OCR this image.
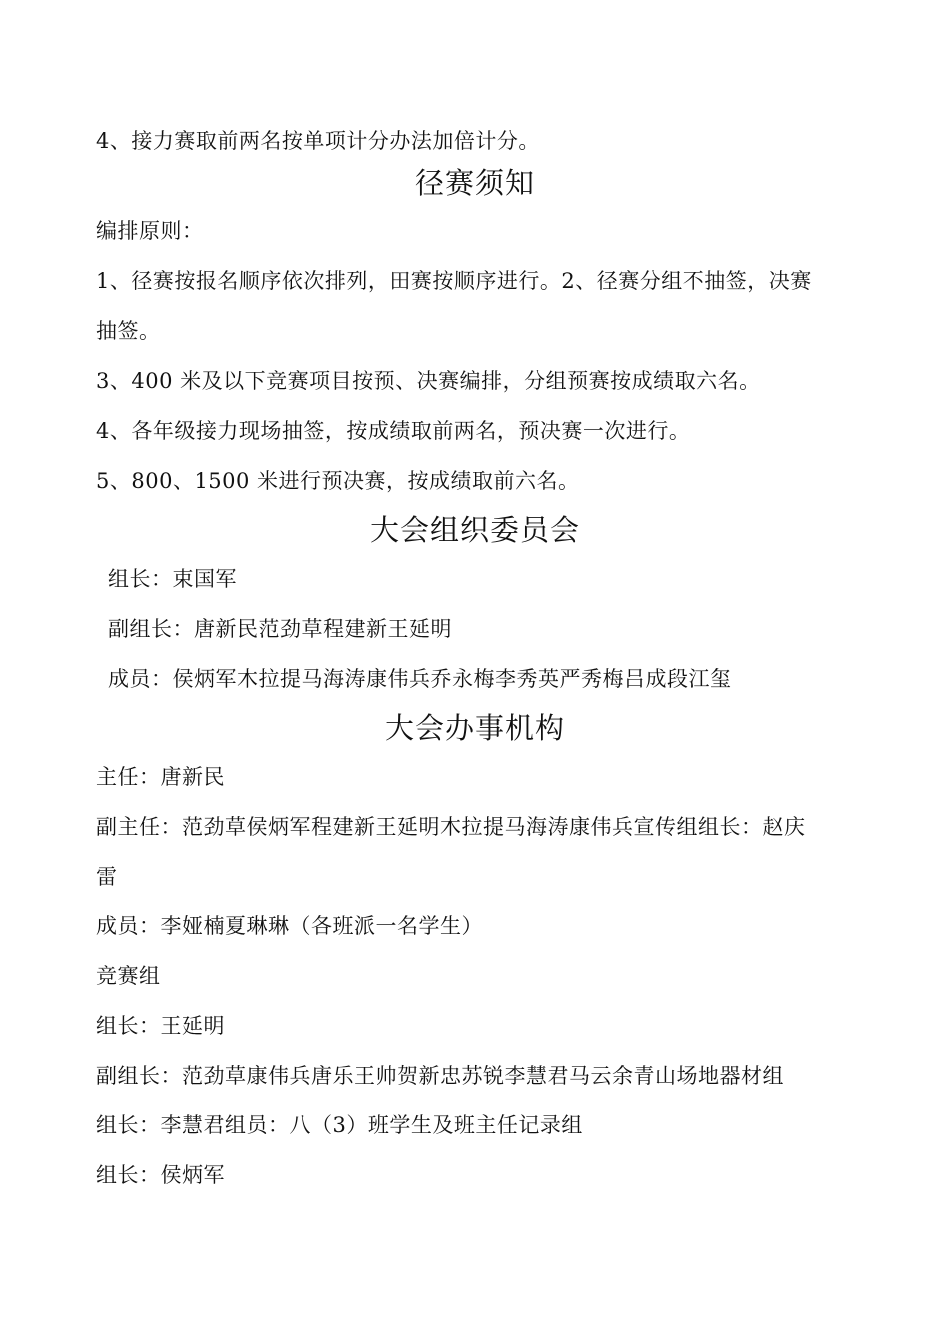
4、接力赛取前两名按单项计分办法加倍计分。
径赛须知
编排原则：
1、径赛按报名顺序依次排列，田赛按顺序进行。2、径赛分组不抽签，决赛
抽签。
3、400 米及以下竞赛项目按预、决赛编排，分组预赛按成绩取六名。
4、各年级接力现场抽签，按成绩取前两名，预决赛一次进行。
5、800、1500 米进行预决赛，按成绩取前六名。
大会组织委员会
组长：束国军
副组长：唐新民范劲草程建新王延明
成员：侯炳军木拉提马海涛康伟兵乔永梅李秀英严秀梅吕成段江玺
大会办事机构
主任：唐新民
副主任：范劲草侯炳军程建新王延明木拉提马海涛康伟兵宣传组组长：赵庆
雷
成员：李娅楠夏琳琳（各班派一名学生）
竞赛组
组长：王延明
副组长：范劲草康伟兵唐乐王帅贺新忠苏锐李慧君马云余青山场地器材组
组长：李慧君组员：八（3）班学生及班主任记录组
组长：侯炳军
